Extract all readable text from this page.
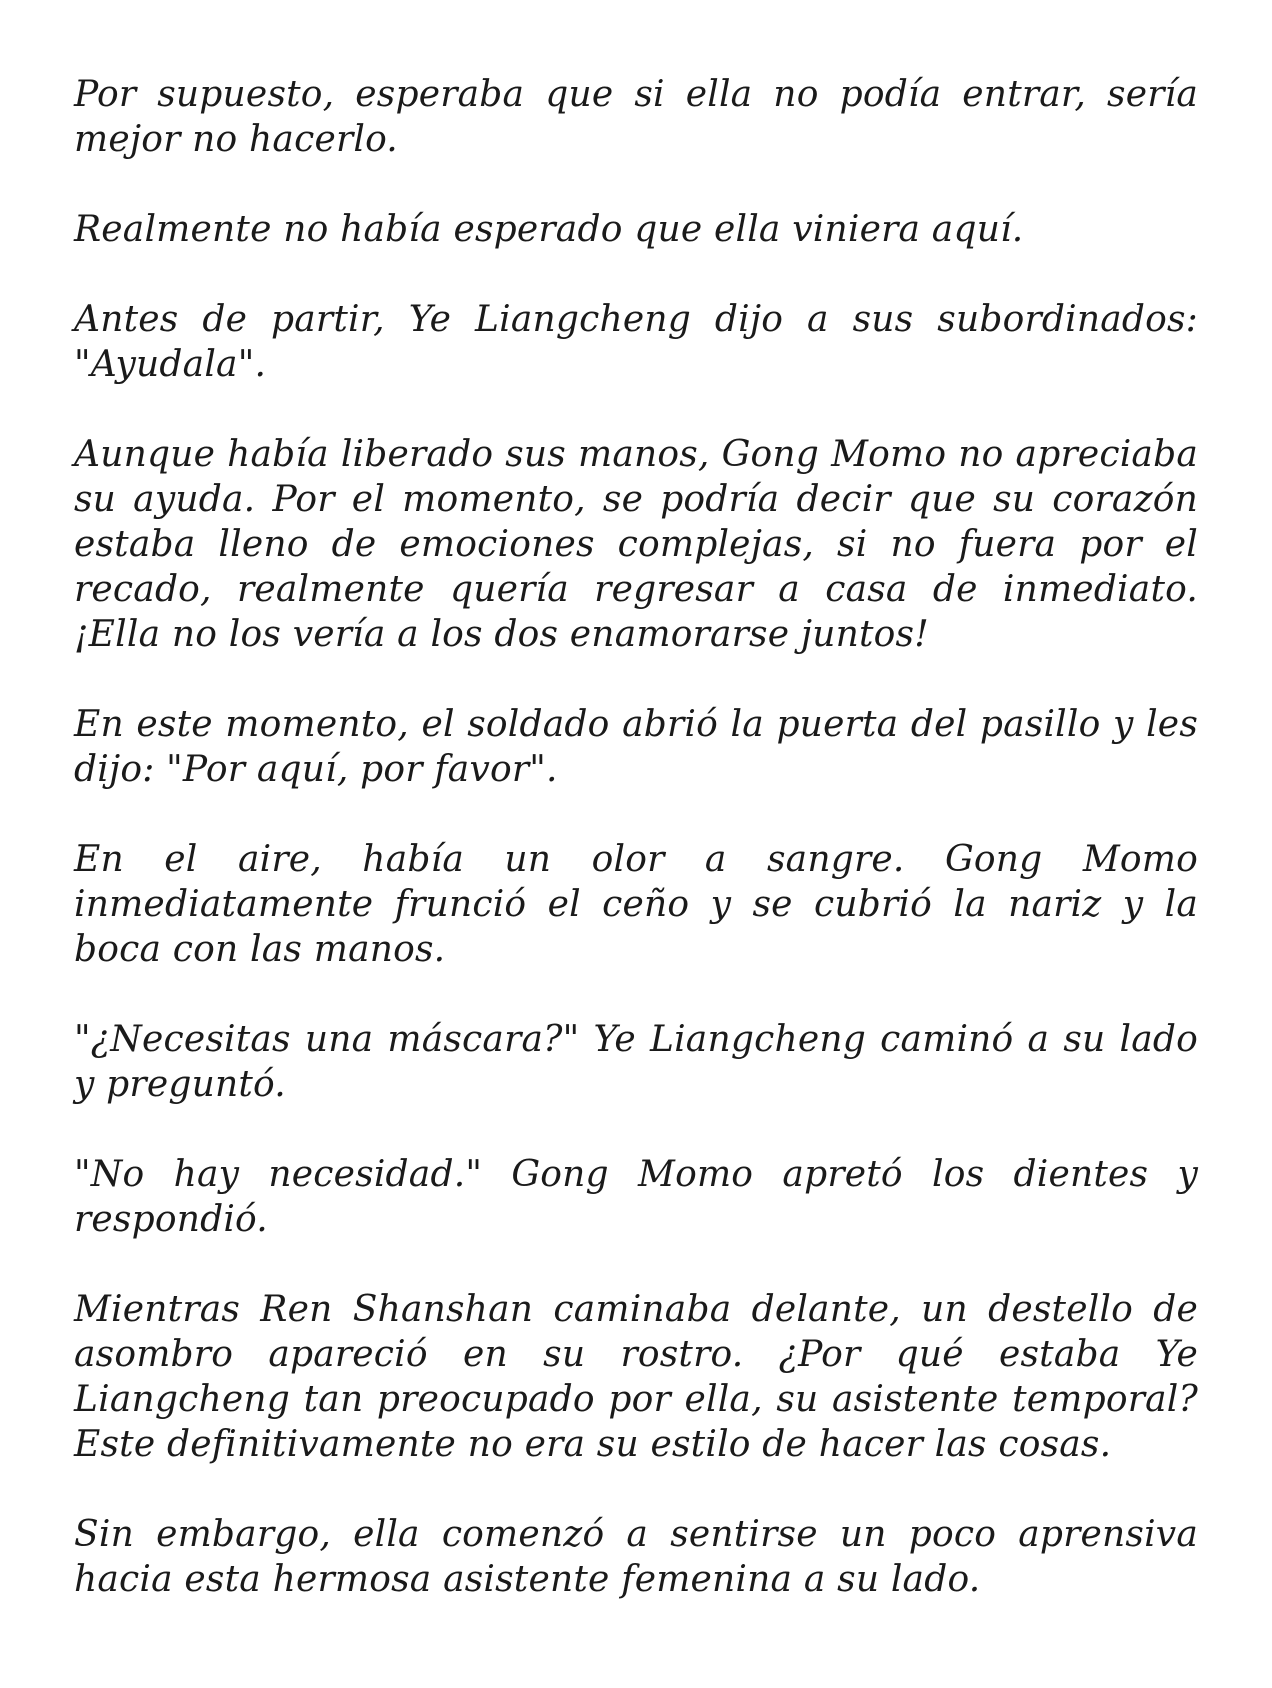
Por supuesto, esperaba que si ella no podía entrar, sería mejor no hacerlo.

Realmente no había esperado que ella viniera aquí.

Antes de partir, Ye Liangcheng dijo a sus subordinados: "Ayudala".

Aunque había liberado sus manos, Gong Momo no apreciaba su ayuda. Por el momento, se podría decir que su corazón estaba lleno de emociones complejas, si no fuera por el recado, realmente quería regresar a casa de inmediato. ¡Ella no los vería a los dos enamorarse juntos!

En este momento, el soldado abrió la puerta del pasillo y les dijo: "Por aquí, por favor".

En el aire, había un olor a sangre. Gong Momo inmediatamente frunció el ceño y se cubrió la nariz y la boca con las manos.

"¿Necesitas una máscara?" Ye Liangcheng caminó a su lado y preguntó.

"No hay necesidad." Gong Momo apretó los dientes y respondió.

Mientras Ren Shanshan caminaba delante, un destello de asombro apareció en su rostro. ¿Por qué estaba Ye Liangcheng tan preocupado por ella, su asistente temporal? Este definitivamente no era su estilo de hacer las cosas.

Sin embargo, ella comenzó a sentirse un poco aprensiva hacia esta hermosa asistente femenina a su lado.
